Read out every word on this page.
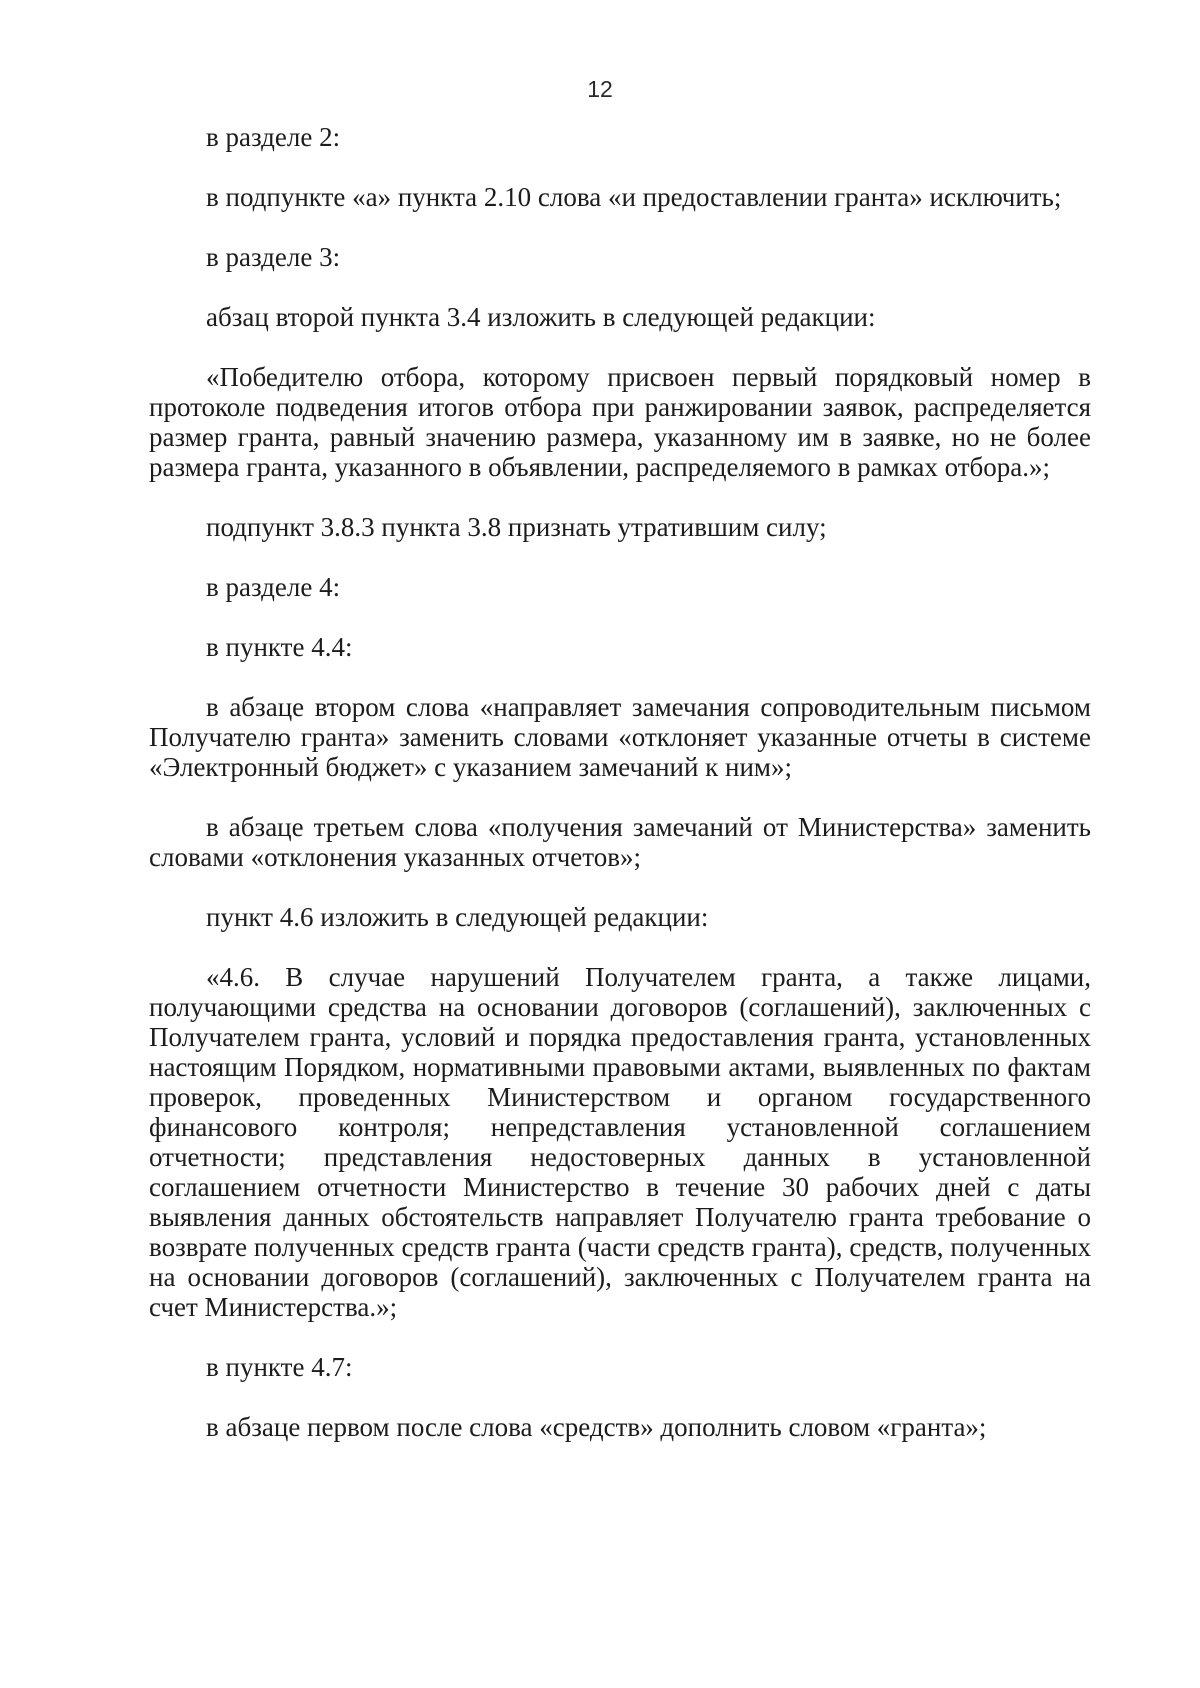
12

в разделе 2:

в подпункте «а» пункта 2.10 слова «и предоставлении гранта» исключить;

в разделе 3:

абзац второй пункта 3.4 изложить в следующей редакции:

«Победителю отбора, которому присвоен первый порядковый номер в протоколе подведения итогов отбора при ранжировании заявок, распределяется размер гранта, равный значению размера, указанному им в заявке, но не более размера гранта, указанного в объявлении, распределяемого в рамках отбора.»;

подпункт 3.8.3 пункта 3.8 признать утратившим силу;

в разделе 4:

в пункте 4.4:

в абзаце втором слова «направляет замечания сопроводительным письмом Получателю гранта» заменить словами «отклоняет указанные отчеты в системе «Электронный бюджет» с указанием замечаний к ним»;

в абзаце третьем слова «получения замечаний от Министерства» заменить словами «отклонения указанных отчетов»;

пункт 4.6 изложить в следующей редакции:

«4.6. В случае нарушений Получателем гранта, а также лицами, получающими средства на основании договоров (соглашений), заключенных с Получателем гранта, условий и порядка предоставления гранта, установленных настоящим Порядком, нормативными правовыми актами, выявленных по фактам проверок, проведенных Министерством и органом государственного финансового контроля; непредставления установленной соглашением отчетности; представления недостоверных данных в установленной соглашением отчетности Министерство в течение 30 рабочих дней с даты выявления данных обстоятельств направляет Получателю гранта требование о возврате полученных средств гранта (части средств гранта), средств, полученных на основании договоров (соглашений), заключенных с Получателем гранта на счет Министерства.»;

в пункте 4.7:

в абзаце первом после слова «средств» дополнить словом «гранта»;
